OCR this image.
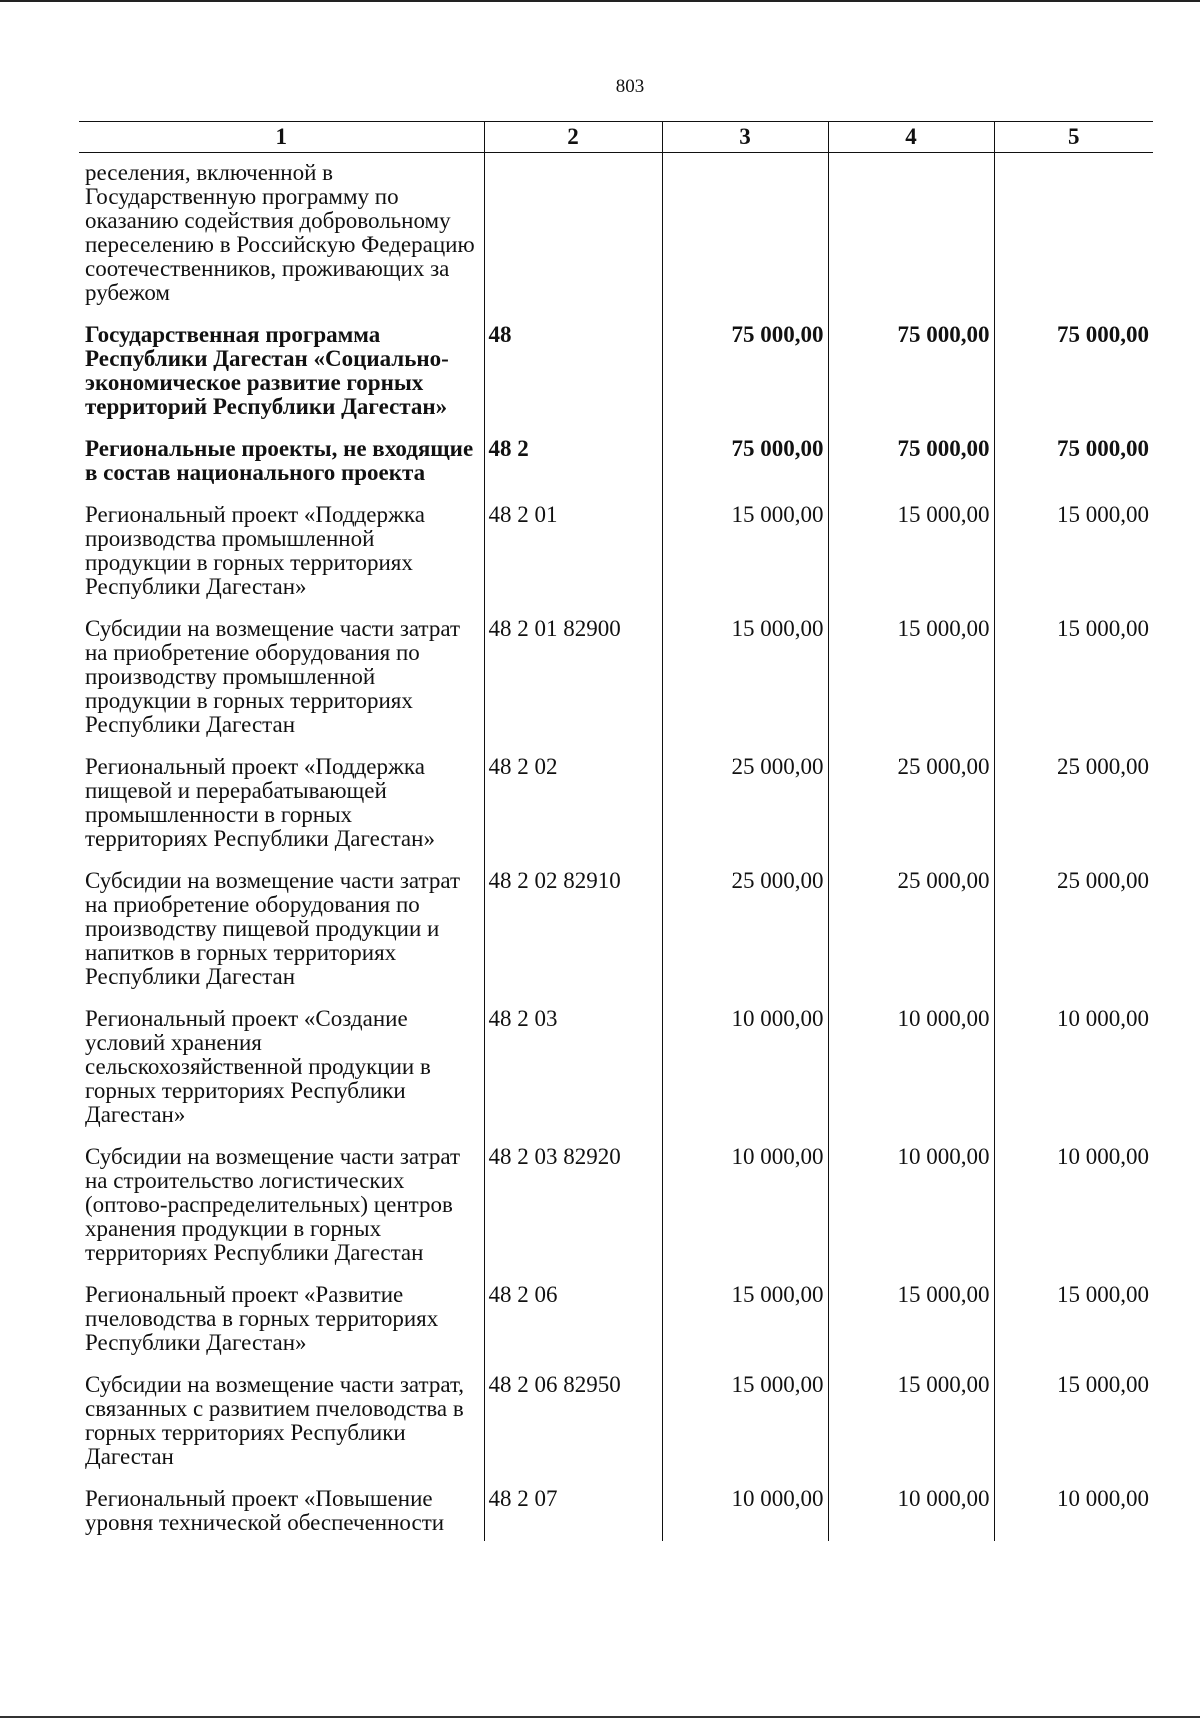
803
1	2	3	4	5
реселения, включенной в Государственную программу по оказанию содействия добровольному переселению в Российскую Федерацию соотечественников, проживающих за рубежом				
Государственная программа Республики Дагестан «Социально-экономическое развитие горных территорий Республики Дагестан»	48	75 000,00	75 000,00	75 000,00
Региональные проекты, не входящие в состав национального проекта	48 2	75 000,00	75 000,00	75 000,00
Региональный проект «Поддержка производства промышленной продукции в горных территориях Республики Дагестан»	48 2 01	15 000,00	15 000,00	15 000,00
Субсидии на возмещение части затрат на приобретение оборудования по производству промышленной продукции в горных территориях Республики Дагестан	48 2 01 82900	15 000,00	15 000,00	15 000,00
Региональный проект «Поддержка пищевой и перерабатывающей промышленности в горных территориях Республики Дагестан»	48 2 02	25 000,00	25 000,00	25 000,00
Субсидии на возмещение части затрат на приобретение оборудования по производству пищевой продукции и напитков в горных территориях Республики Дагестан	48 2 02 82910	25 000,00	25 000,00	25 000,00
Региональный проект «Создание условий хранения сельскохозяйственной продукции в горных территориях Республики Дагестан»	48 2 03	10 000,00	10 000,00	10 000,00
Субсидии на возмещение части затрат на строительство логистических (оптово-распределительных) центров хранения продукции в горных территориях Республики Дагестан	48 2 03 82920	10 000,00	10 000,00	10 000,00
Региональный проект «Развитие пчеловодства в горных территориях Республики Дагестан»	48 2 06	15 000,00	15 000,00	15 000,00
Субсидии на возмещение части затрат, связанных с развитием пчеловодства в горных территориях Республики Дагестан	48 2 06 82950	15 000,00	15 000,00	15 000,00
Региональный проект «Повышение уровня технической обеспеченности	48 2 07	10 000,00	10 000,00	10 000,00
